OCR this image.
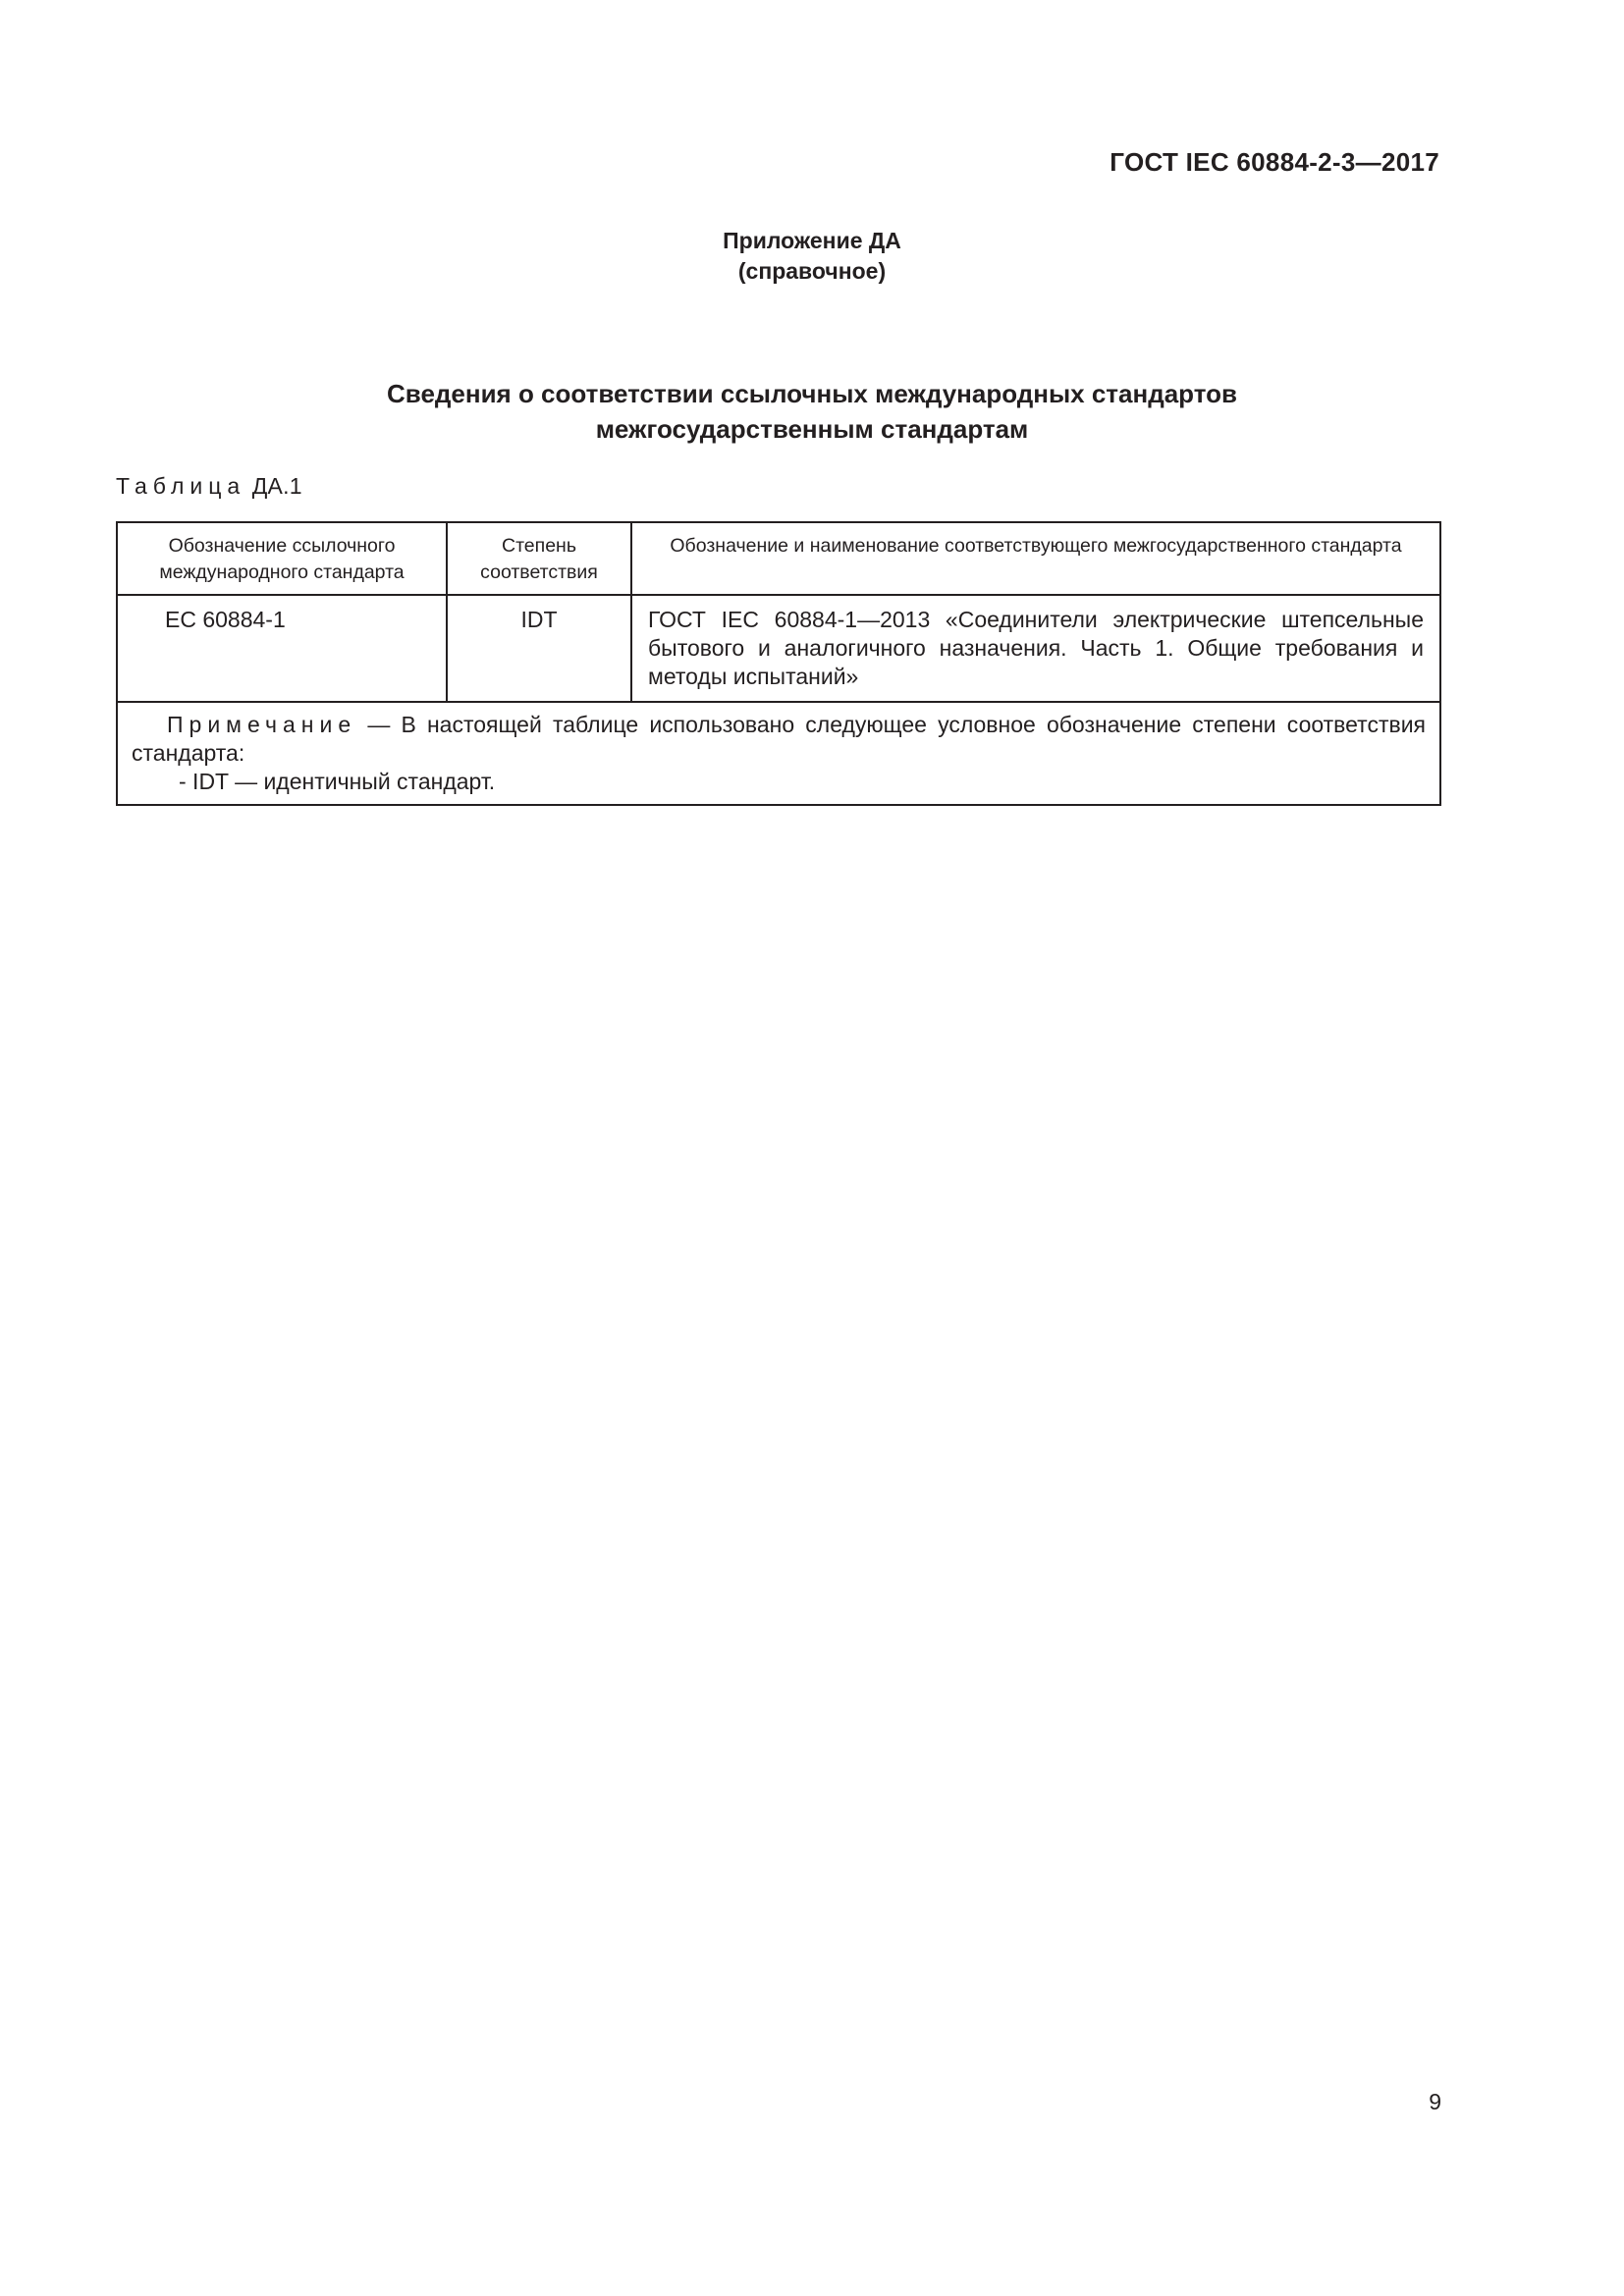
ГОСТ IEC 60884-2-3—2017
Приложение ДА
(справочное)
Сведения о соответствии ссылочных международных стандартов
межгосударственным стандартам
Таблица ДА.1
Обозначение ссылочного международного стандарта	Степень соответствия	Обозначение и наименование соответствующего межгосударственного стандарта
ЕС 60884-1	IDT	ГОСТ IEC 60884-1—2013 «Соединители электрические штепсельные бытового и аналогичного назначения. Часть 1. Общие требования и методы испытаний»

Примечание — В настоящей таблице использовано следующее условное обозначение степени соответствия стандарта:
- IDT — идентичный стандарт.		
9
